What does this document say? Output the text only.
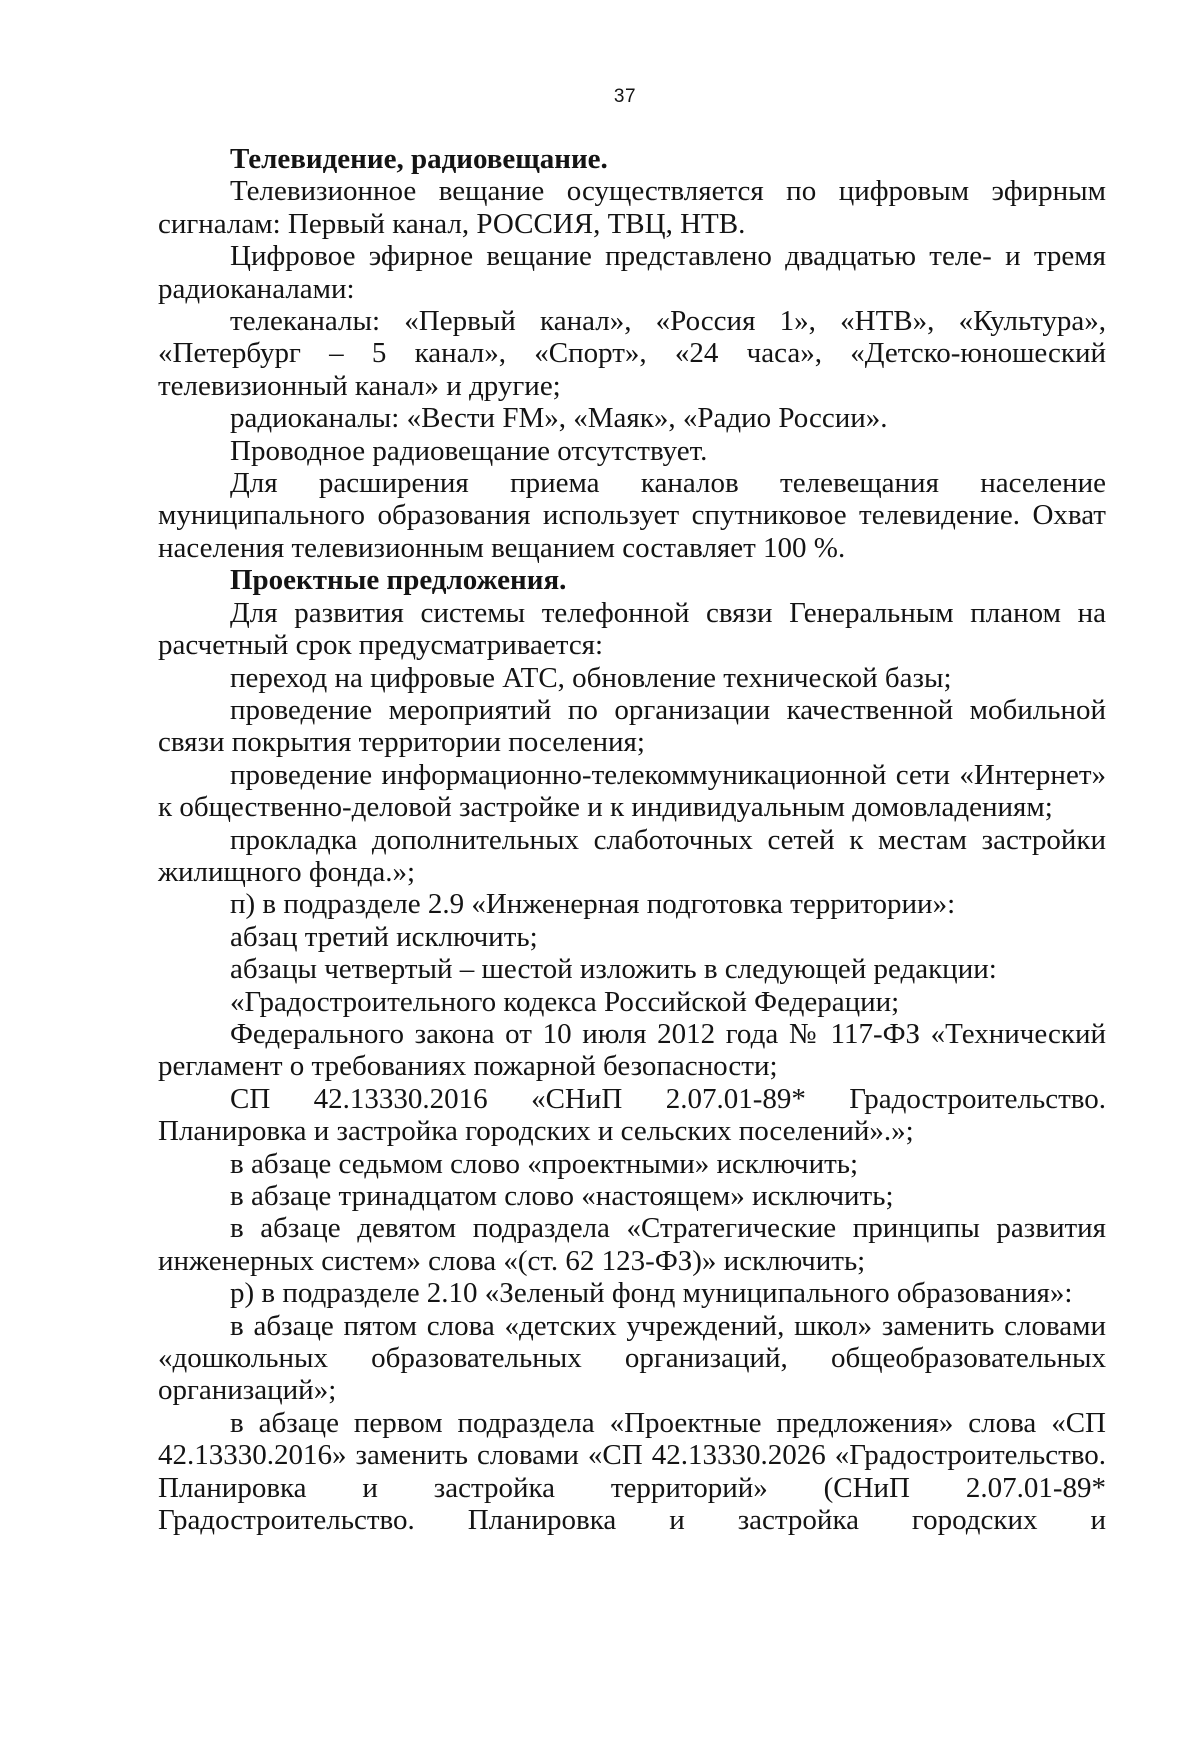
37

Телевидение, радиовещание.

Телевизионное вещание осуществляется по цифровым эфирным сигналам: Первый канал, РОССИЯ, ТВЦ, НТВ.

Цифровое эфирное вещание представлено двадцатью теле- и тремя радиоканалами:

телеканалы: «Первый канал», «Россия 1», «НТВ», «Культура», «Петербург – 5 канал», «Спорт», «24 часа», «Детско-юношеский телевизионный канал» и другие;

радиоканалы: «Вести FM», «Маяк», «Радио России».

Проводное радиовещание отсутствует.

Для расширения приема каналов телевещания население муниципального образования использует спутниковое телевидение. Охват населения телевизионным вещанием составляет 100 %.

Проектные предложения.

Для развития системы телефонной связи Генеральным планом на расчетный срок предусматривается:

переход на цифровые АТС, обновление технической базы;

проведение мероприятий по организации качественной мобильной связи покрытия территории поселения;

проведение информационно-телекоммуникационной сети «Интернет» к общественно-деловой застройке и к индивидуальным домовладениям;

прокладка дополнительных слаботочных сетей к местам застройки жилищного фонда.»;

п) в подразделе 2.9 «Инженерная подготовка территории»:

абзац третий исключить;

абзацы четвертый – шестой изложить в следующей редакции:

«Градостроительного кодекса Российской Федерации;

Федерального закона от 10 июля 2012 года № 117-ФЗ «Технический регламент о требованиях пожарной безопасности;

СП 42.13330.2016 «СНиП 2.07.01-89* Градостроительство. Планировка и застройка городских и сельских поселений».»;

в абзаце седьмом слово «проектными» исключить;

в абзаце тринадцатом слово «настоящем» исключить;

в абзаце девятом подраздела «Стратегические принципы развития инженерных систем» слова «(ст. 62 123-ФЗ)» исключить;

р) в подразделе 2.10 «Зеленый фонд муниципального образования»:

в абзаце пятом слова «детских учреждений, школ» заменить словами «дошкольных образовательных организаций, общеобразовательных организаций»;

в абзаце первом подраздела «Проектные предложения» слова «СП 42.13330.2016» заменить словами «СП 42.13330.2026 «Градостроительство. Планировка и застройка территорий» (СНиП 2.07.01-89* Градостроительство. Планировка и застройка городских и
